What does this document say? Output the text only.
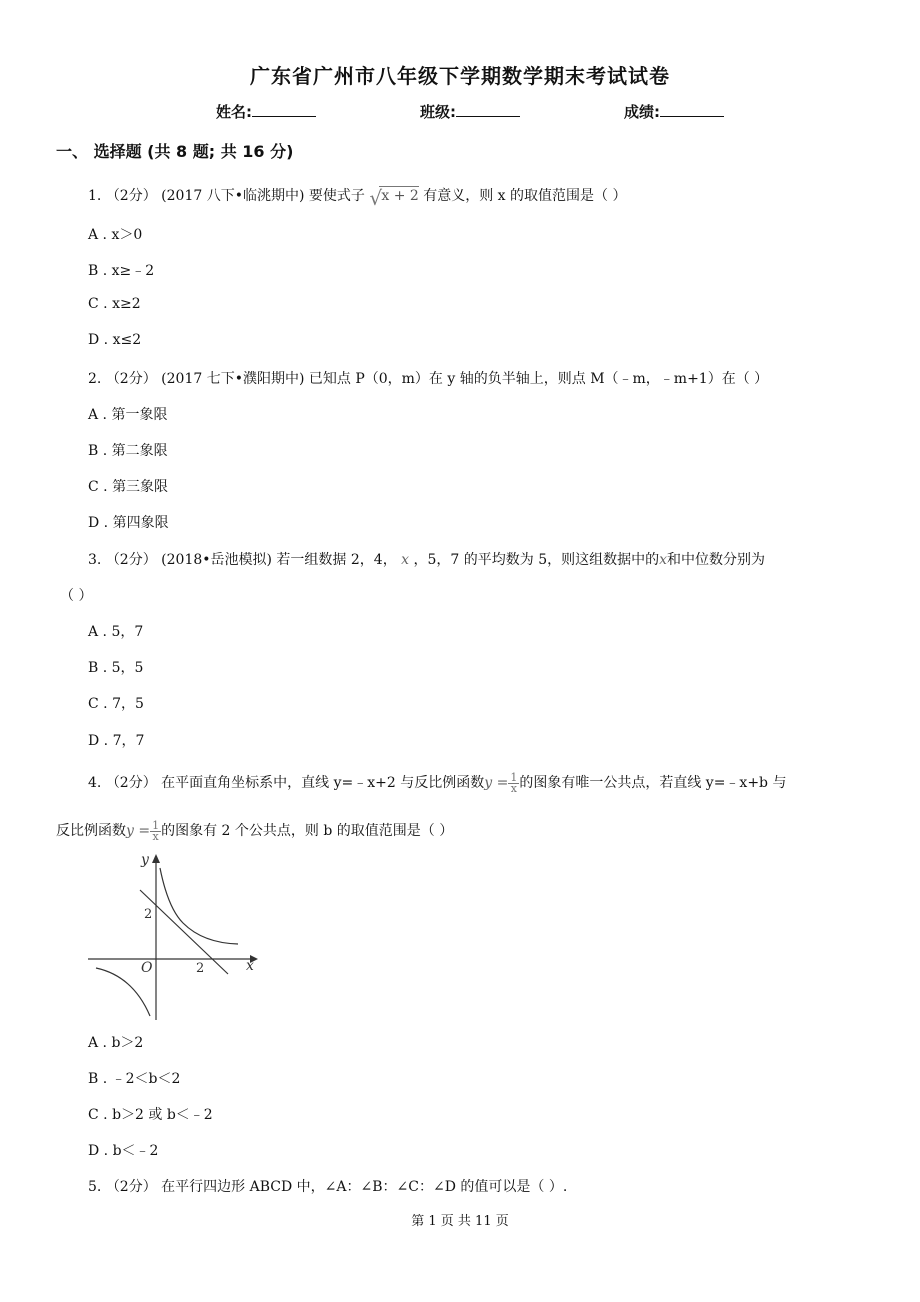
广东省广州市八年级下学期数学期末考试试卷
姓名:	班级:	成绩:
一、 选择题 (共 8 题; 共 16 分)
1. （2分） (2017 八下•临洮期中) 要使式子 √ x + 2 有意义，则 x 的取值范围是（ ）
A . x＞0
B . x≥﹣2
C . x≥2
D . x≤2
2. （2分） (2017 七下•濮阳期中) 已知点 P（0，m）在 y 轴的负半轴上，则点 M（﹣m，﹣m+1）在（ ）
A . 第一象限
B . 第二象限
C . 第三象限
D . 第四象限
3. （2分） (2018•岳池模拟) 若一组数据 2，4， x ，5，7 的平均数为 5，则这组数据中的x和中位数分别为
（ ）
A . 5，7
B . 5，5
C . 7，5
D . 7，7
4. （2分） 在平面直角坐标系中，直线 y=﹣x+2 与反比例函数$y = \frac{1}{x}$ 的图象有唯一公共点，若直线 y=﹣x+b 与
反比例函数$y = \frac{1}{x}$ 的图象有 2 个公共点，则 b 的取值范围是（ ）
y
x
O
2
2
A . b＞2
B . ﹣2＜b＜2
C . b＞2 或 b＜﹣2
D . b＜﹣2
5. （2分） 在平行四边形 ABCD 中，∠A：∠B：∠C：∠D 的值可以是（ ）.
第 1 页 共 11 页
